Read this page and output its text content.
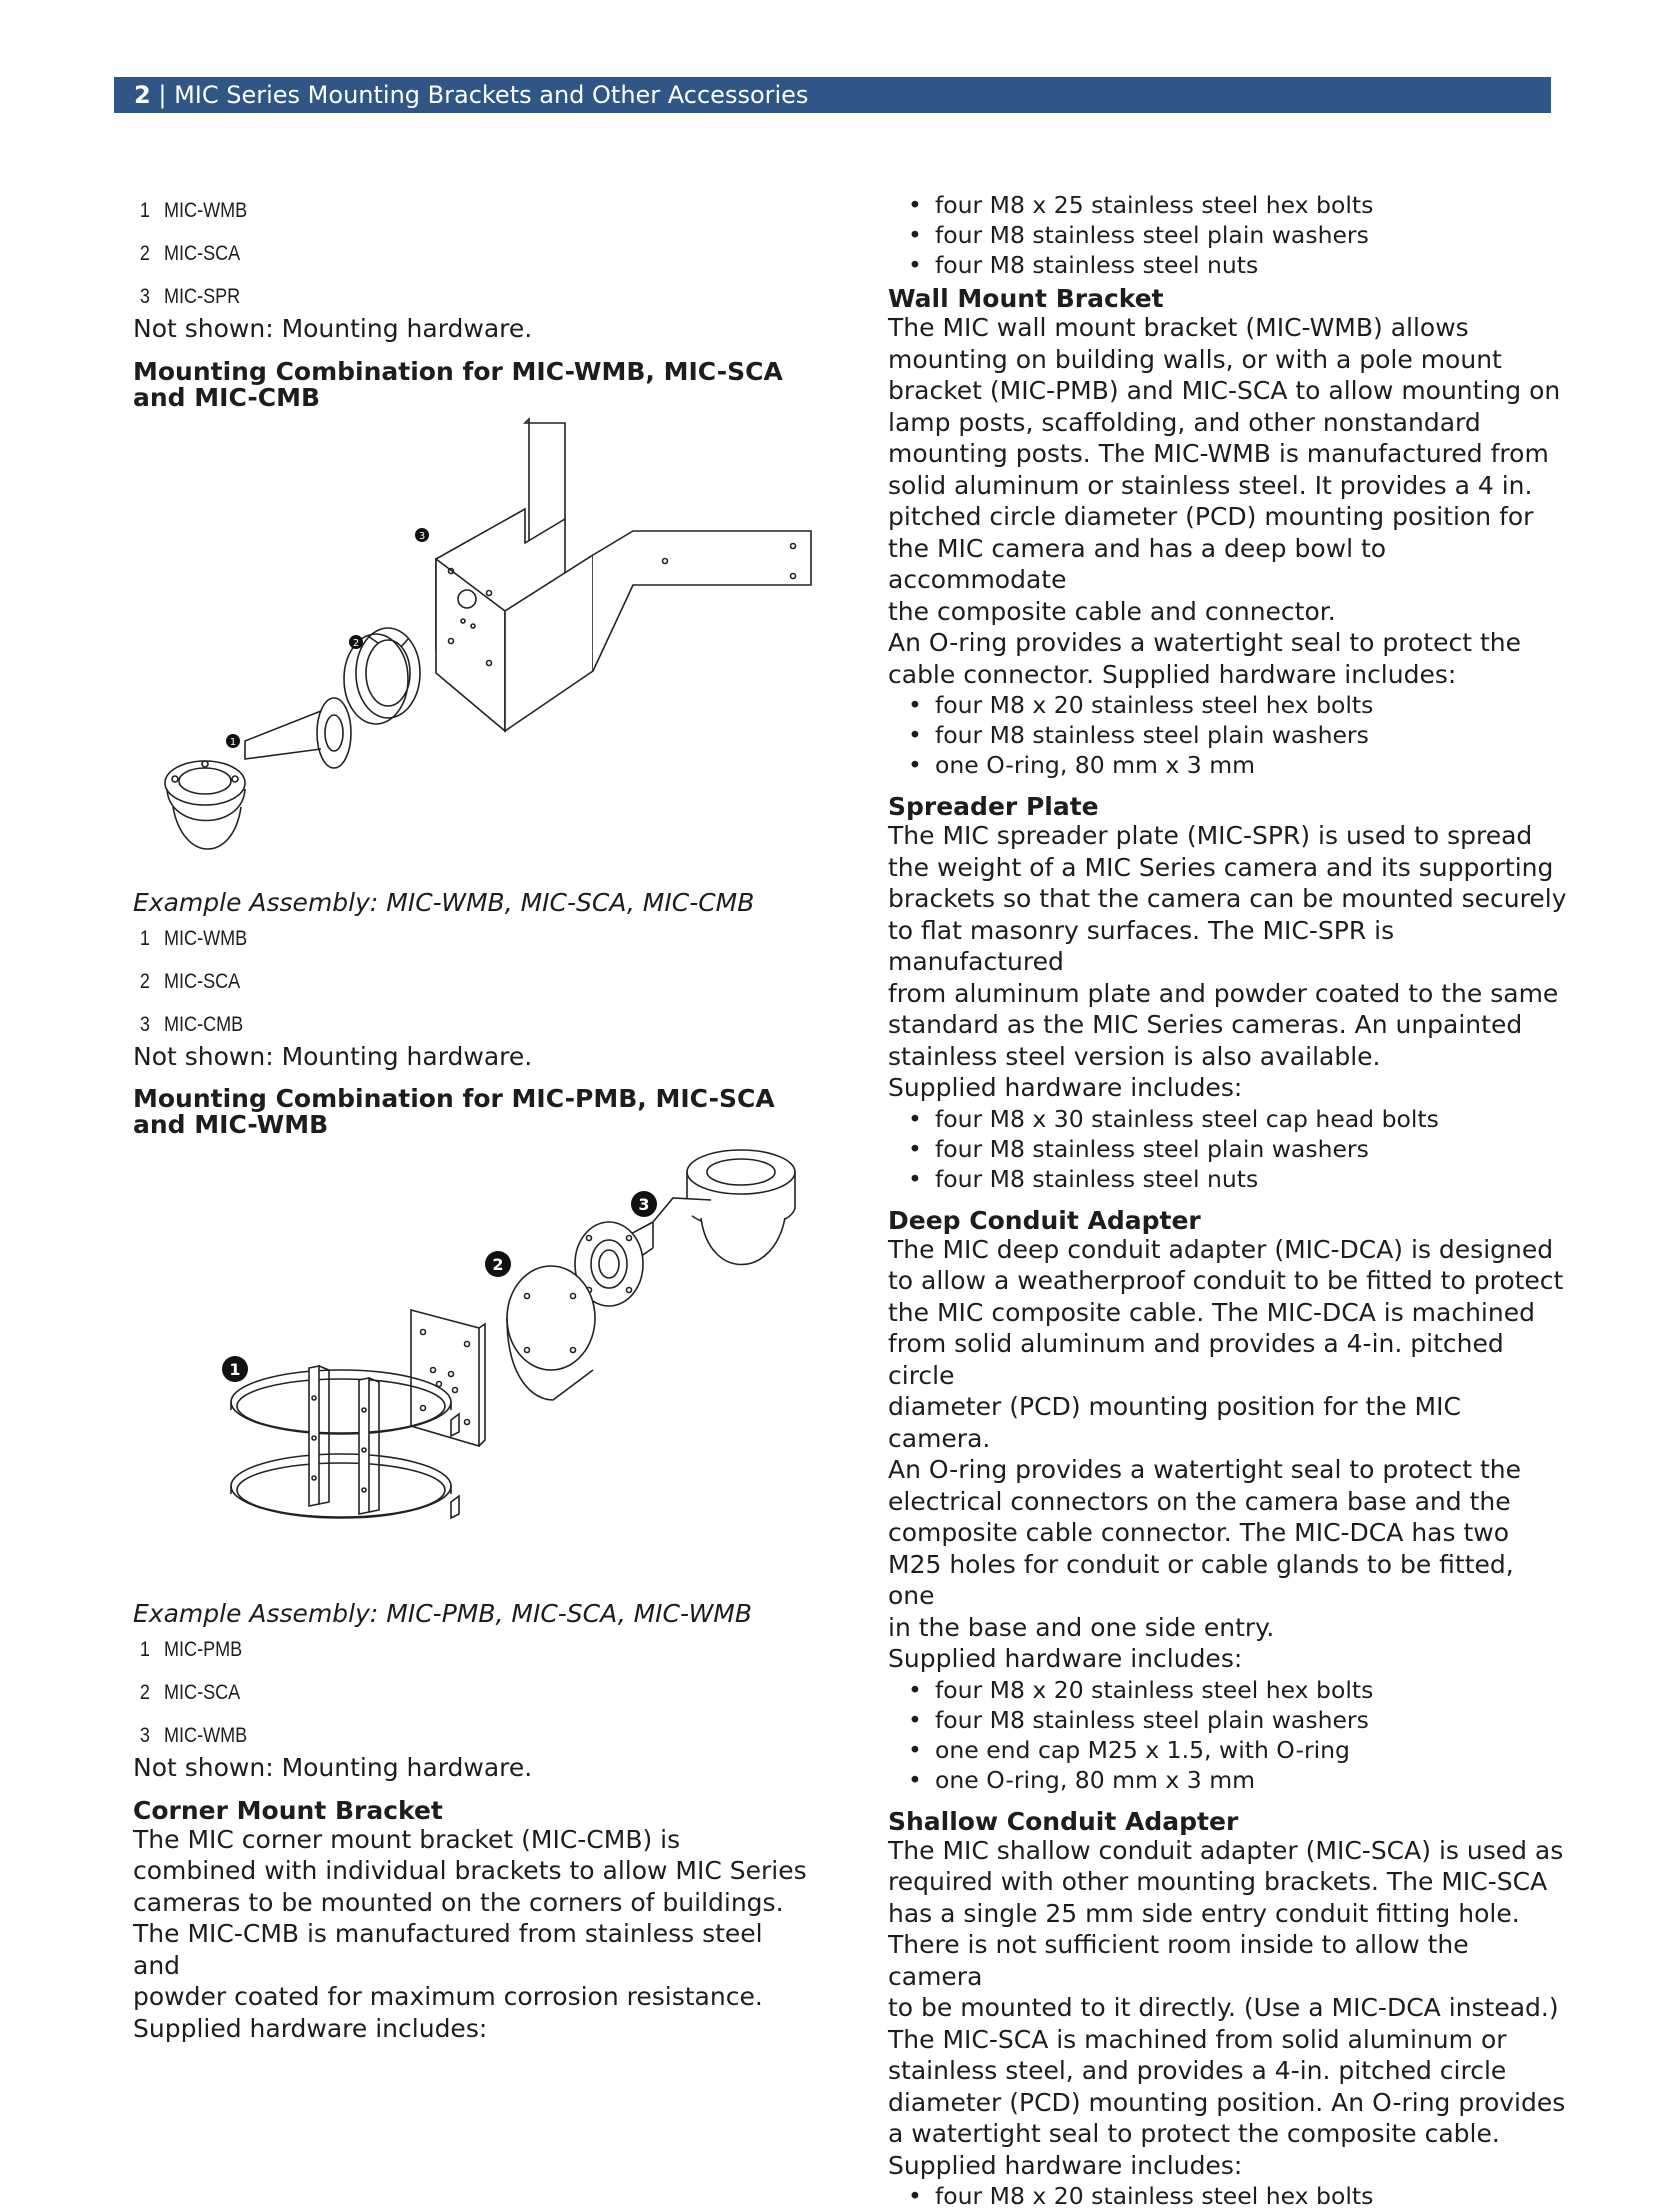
2 | MIC Series Mounting Brackets and Other Accessories
1 MIC-WMB
2 MIC-SCA
3 MIC-SPR

Not shown: Mounting hardware.

Mounting Combination for MIC-WMB, MIC-SCA and MIC-CMB

3
2
1

Example Assembly: MIC-WMB, MIC-SCA, MIC-CMB

1 MIC-WMB
2 MIC-SCA
3 MIC-CMB

Not shown: Mounting hardware.

Mounting Combination for MIC-PMB, MIC-SCA and MIC-WMB

3
2
1

Example Assembly: MIC-PMB, MIC-SCA, MIC-WMB

1 MIC-PMB
2 MIC-SCA
3 MIC-WMB

Not shown: Mounting hardware.

Corner Mount Bracket

The MIC corner mount bracket (MIC-CMB) is

combined with individual brackets to allow MIC Series

cameras to be mounted on the corners of buildings.

The MIC-CMB is manufactured from stainless steel and

powder coated for maximum corrosion resistance.

Supplied hardware includes:

• four M8 x 25 stainless steel hex bolts
• four M8 stainless steel plain washers
• four M8 stainless steel nuts

Wall Mount Bracket

The MIC wall mount bracket (MIC-WMB) allows

mounting on building walls, or with a pole mount

bracket (MIC-PMB) and MIC-SCA to allow mounting on

lamp posts, scaffolding, and other nonstandard

mounting posts. The MIC-WMB is manufactured from

solid aluminum or stainless steel. It provides a 4 in.

pitched circle diameter (PCD) mounting position for

the MIC camera and has a deep bowl to accommodate

the composite cable and connector.

An O-ring provides a watertight seal to protect the

cable connector. Supplied hardware includes:

• four M8 x 20 stainless steel hex bolts
• four M8 stainless steel plain washers
• one O-ring, 80 mm x 3 mm

Spreader Plate

The MIC spreader plate (MIC-SPR) is used to spread

the weight of a MIC Series camera and its supporting

brackets so that the camera can be mounted securely

to flat masonry surfaces. The MIC-SPR is manufactured

from aluminum plate and powder coated to the same

standard as the MIC Series cameras. An unpainted

stainless steel version is also available.

Supplied hardware includes:

• four M8 x 30 stainless steel cap head bolts
• four M8 stainless steel plain washers
• four M8 stainless steel nuts

Deep Conduit Adapter

The MIC deep conduit adapter (MIC-DCA) is designed

to allow a weatherproof conduit to be fitted to protect

the MIC composite cable. The MIC-DCA is machined

from solid aluminum and provides a 4-in. pitched circle

diameter (PCD) mounting position for the MIC camera.

An O-ring provides a watertight seal to protect the

electrical connectors on the camera base and the

composite cable connector. The MIC-DCA has two

M25 holes for conduit or cable glands to be fitted, one

in the base and one side entry.

Supplied hardware includes:

• four M8 x 20 stainless steel hex bolts
• four M8 stainless steel plain washers
• one end cap M25 x 1.5, with O-ring
• one O-ring, 80 mm x 3 mm

Shallow Conduit Adapter

The MIC shallow conduit adapter (MIC-SCA) is used as

required with other mounting brackets. The MIC-SCA

has a single 25 mm side entry conduit fitting hole.

There is not sufficient room inside to allow the camera

to be mounted to it directly. (Use a MIC-DCA instead.)

The MIC-SCA is machined from solid aluminum or

stainless steel, and provides a 4-in. pitched circle

diameter (PCD) mounting position. An O-ring provides

a watertight seal to protect the composite cable.

Supplied hardware includes:

• four M8 x 20 stainless steel hex bolts
